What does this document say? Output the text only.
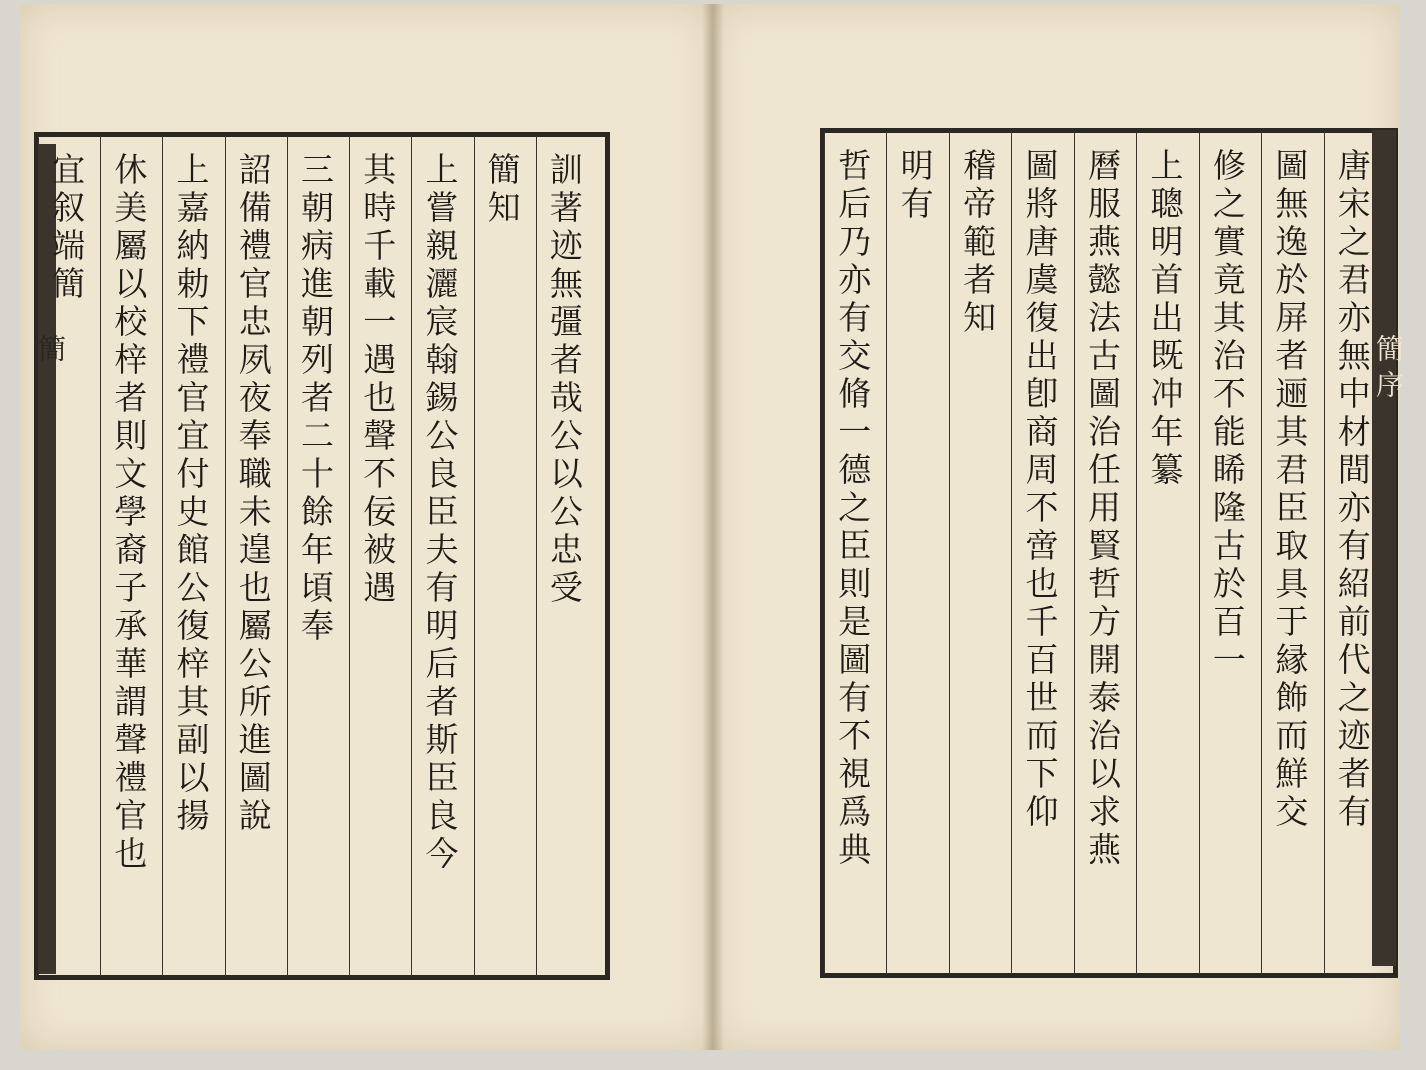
簡	訓著迹無彊者哉公以公忠受
簡知
上嘗親灑宸翰錫公良臣夫有明后者斯臣良今
其時千載一遇也聲不佞被遇
三朝病進朝列者二十餘年頃奉
詔備禮官忠夙夜奉職未遑也屬公所進圖說
上嘉納勅下禮官宜付史館公復梓其副以揚
休美屬以校梓者則文學裔子承華謂聲禮官也
宜叙端簡	唐宋之君亦無中材間亦有紹前代之迹者有
圖無逸於屏者逦其君臣取具于縁飾而鮮交
修之實竟其治不能睎隆古於百一
上聰明首出既冲年纂
曆服燕懿法古圖治任用賢哲方開泰治以求燕
圖將唐虞復出卽商周不啻也千百世而下仰
稽帝範者知
明有
哲后乃亦有交脩一德之臣則是圖有不視爲典	簡序
